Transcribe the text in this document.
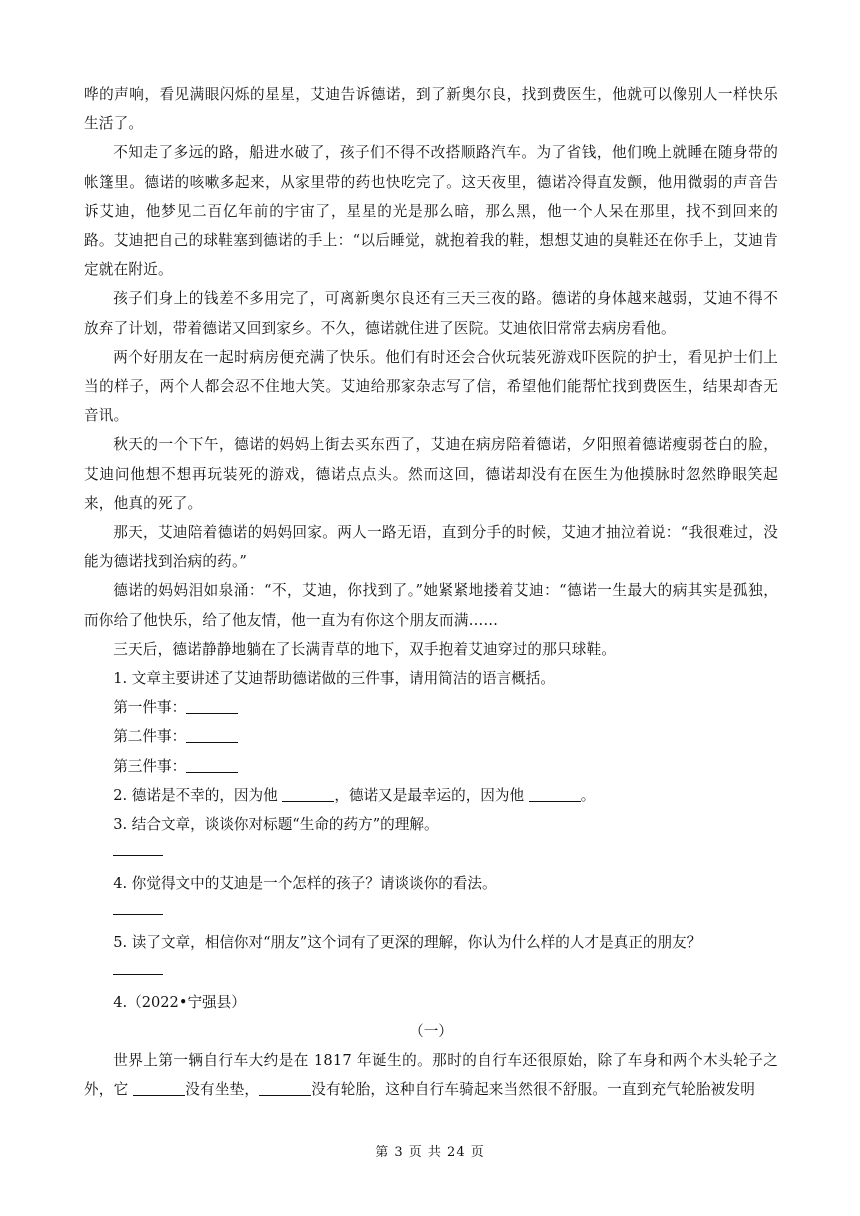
哗的声响，看见满眼闪烁的星星，艾迪告诉德诺，到了新奥尔良，找到费医生，他就可以像别人一样快乐生活了。

不知走了多远的路，船进水破了，孩子们不得不改搭顺路汽车。为了省钱，他们晚上就睡在随身带的帐篷里。德诺的咳嗽多起来，从家里带的药也快吃完了。这天夜里，德诺冷得直发颤，他用微弱的声音告诉艾迪，他梦见二百亿年前的宇宙了，星星的光是那么暗，那么黑，他一个人呆在那里，找不到回来的路。艾迪把自己的球鞋塞到德诺的手上：“以后睡觉，就抱着我的鞋，想想艾迪的臭鞋还在你手上，艾迪肯定就在附近。

孩子们身上的钱差不多用完了，可离新奥尔良还有三天三夜的路。德诺的身体越来越弱，艾迪不得不放弃了计划，带着德诺又回到家乡。不久，德诺就住进了医院。艾迪依旧常常去病房看他。

两个好朋友在一起时病房便充满了快乐。他们有时还会合伙玩装死游戏吓医院的护士，看见护士们上当的样子，两个人都会忍不住地大笑。艾迪给那家杂志写了信，希望他们能帮忙找到费医生，结果却杳无音讯。

秋天的一个下午，德诺的妈妈上街去买东西了，艾迪在病房陪着德诺，夕阳照着德诺瘦弱苍白的脸，艾迪问他想不想再玩装死的游戏，德诺点点头。然而这回，德诺却没有在医生为他摸脉时忽然睁眼笑起来，他真的死了。

那天，艾迪陪着德诺的妈妈回家。两人一路无语，直到分手的时候，艾迪才抽泣着说：“我很难过，没能为德诺找到治病的药。”

德诺的妈妈泪如泉涌：“不，艾迪，你找到了。”她紧紧地搂着艾迪：“德诺一生最大的病其实是孤独，而你给了他快乐，给了他友情，他一直为有你这个朋友而满……

三天后，德诺静静地躺在了长满青草的地下，双手抱着艾迪穿过的那只球鞋。

1. 文章主要讲述了艾迪帮助德诺做的三件事，请用简洁的语言概括。

第一件事：

第二件事：

第三件事：

2. 德诺是不幸的，因为他	，德诺又是最幸运的，因为他	。

3. 结合文章，谈谈你对标题“生命的药方”的理解。

4. 你觉得文中的艾迪是一个怎样的孩子？请谈谈你的看法。

5. 读了文章，相信你对“朋友”这个词有了更深的理解，你认为什么样的人才是真正的朋友？

4.（2022•宁强县）

（一）

世界上第一辆自行车大约是在 1817 年诞生的。那时的自行车还很原始，除了车身和两个木头轮子之外，它	没有坐垫，	没有轮胎，这种自行车骑起来当然很不舒服。一直到充气轮胎被发明

第 3 页 共 24 页
